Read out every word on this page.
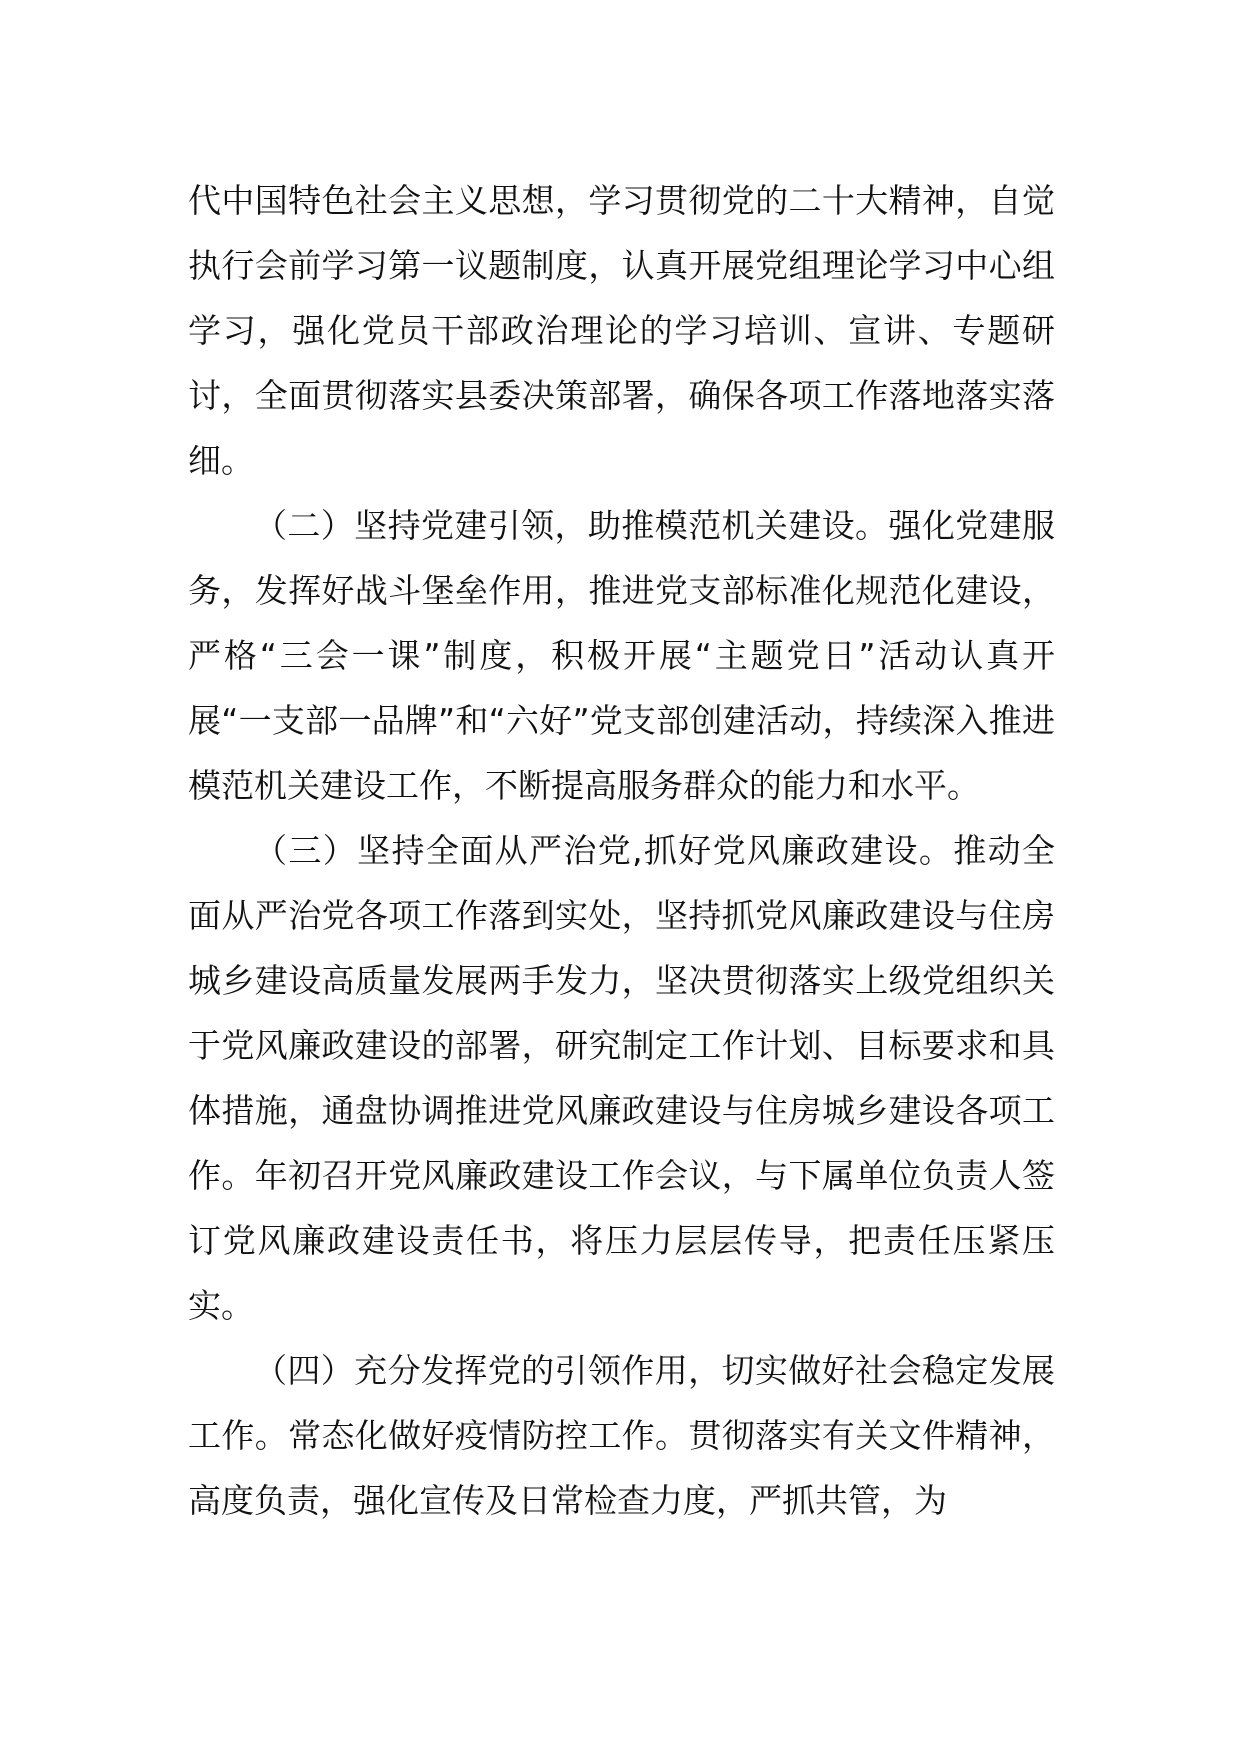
代中国特色社会主义思想，学习贯彻党的二十大精神，自觉执行会前学习第一议题制度，认真开展党组理论学习中心组学习，强化党员干部政治理论的学习培训、宣讲、专题研讨，全面贯彻落实县委决策部署，确保各项工作落地落实落细。

（二）坚持党建引领，助推模范机关建设。强化党建服务，发挥好战斗堡垒作用，推进党支部标准化规范化建设，严格“三会一课”制度，积极开展“主题党日”活动认真开展“一支部一品牌”和“六好”党支部创建活动，持续深入推进模范机关建设工作，不断提高服务群众的能力和水平。

（三）坚持全面从严治党,抓好党风廉政建设。推动全面从严治党各项工作落到实处，坚持抓党风廉政建设与住房城乡建设高质量发展两手发力，坚决贯彻落实上级党组织关于党风廉政建设的部署，研究制定工作计划、目标要求和具体措施，通盘协调推进党风廉政建设与住房城乡建设各项工作。年初召开党风廉政建设工作会议，与下属单位负责人签订党风廉政建设责任书，将压力层层传导，把责任压紧压实。

（四）充分发挥党的引领作用，切实做好社会稳定发展工作。常态化做好疫情防控工作。贯彻落实有关文件精神，高度负责，强化宣传及日常检查力度，严抓共管，为
